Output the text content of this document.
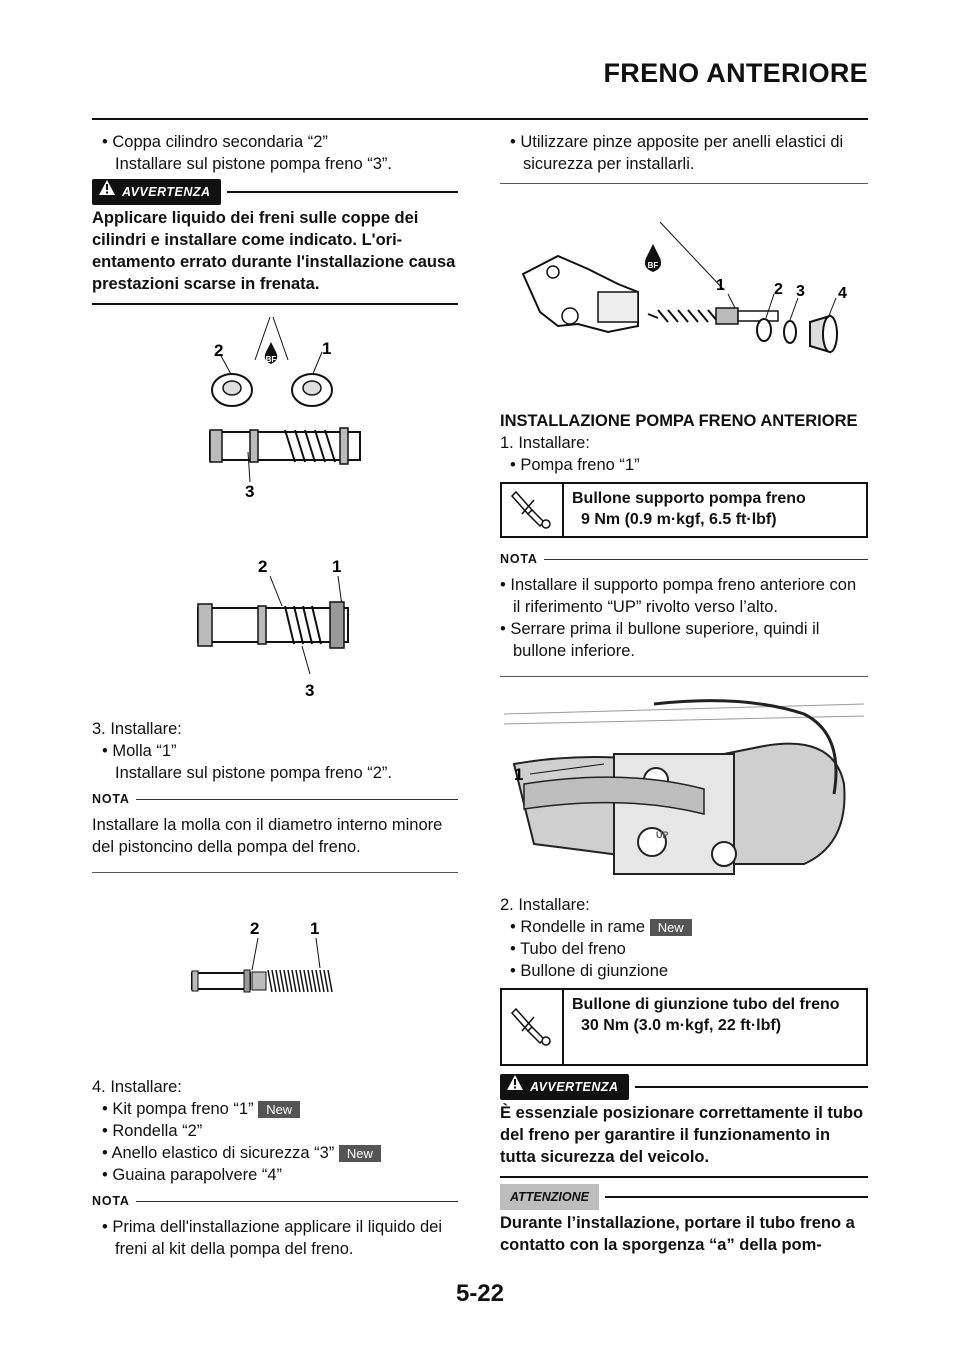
FRENO ANTERIORE

• Coppa cilindro secondaria “2”

Installare sul pistone pompa freno “3”.

AVVERTENZA

Applicare liquido dei freni sulle coppe dei cilindri e installare come indicato. L'orientamento errato durante l'installazione causa prestazioni scarse in frenata.

BF
2	1
3
2	1
3

3. Installare:

• Molla “1”

Installare sul pistone pompa freno “2”.

NOTA

Installare la molla con il diametro interno minore del pistoncino della pompa del freno.

2	1

4. Installare:

• Kit pompa freno “1” New

• Rondella “2”

• Anello elastico di sicurezza “3” New

• Guaina parapolvere “4”

NOTA

• Prima dell'installazione applicare il liquido dei freni al kit della pompa del freno.

• Utilizzare pinze apposite per anelli elastici di sicurezza per installarli.

BF
1	2 3 4

INSTALLAZIONE POMPA FRENO ANTERIORE

1. Installare:

• Pompa freno “1”

Bullone supporto pompa freno
9 Nm (0.9 m·kgf, 6.5 ft·lbf)
NOTA

• Installare il supporto pompa freno anteriore con il riferimento “UP” rivolto verso l’alto.

• Serrare prima il bullone superiore, quindi il bullone inferiore.

1
UP

2. Installare:

• Rondelle in rame New

• Tubo del freno

• Bullone di giunzione

Bullone di giunzione tubo del freno
30 Nm (3.0 m·kgf, 22 ft·lbf)
AVVERTENZA

È essenziale posizionare correttamente il tubo del freno per garantire il funzionamento in tutta sicurezza del veicolo.

ATTENZIONE

Durante l’installazione, portare il tubo freno a contatto con la sporgenza “a” della pom-

5-22
